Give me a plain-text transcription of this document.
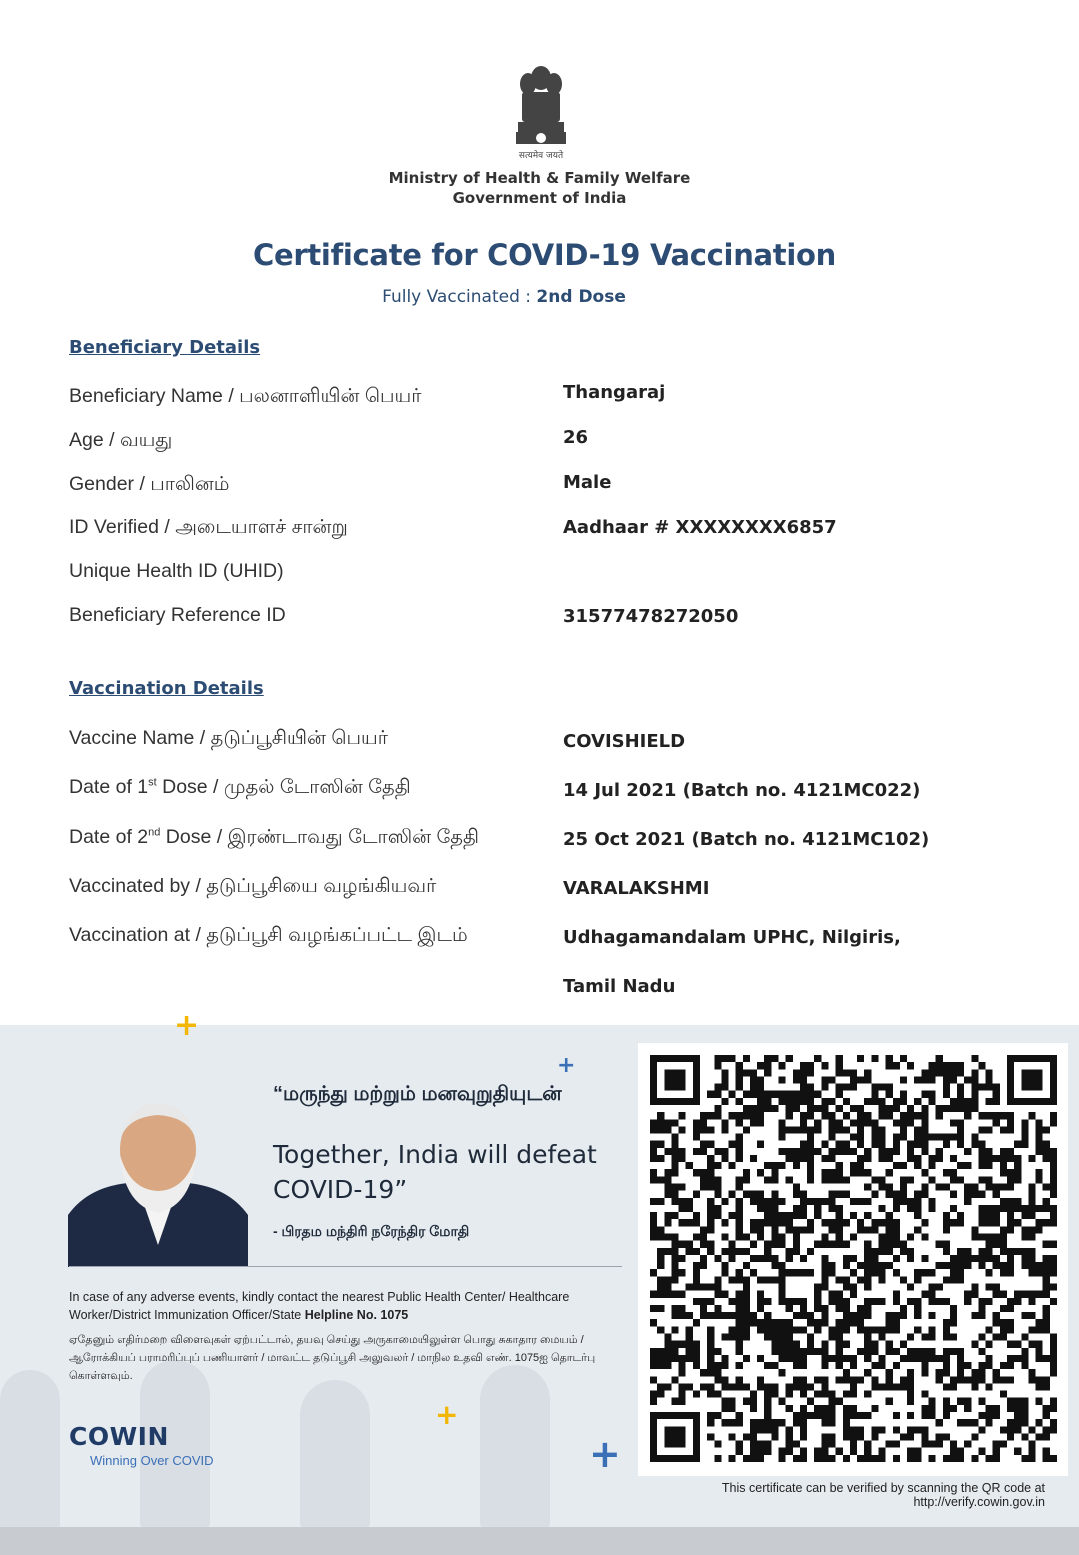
सत्यमेव जयते
Ministry of Health & Family Welfare
Government of India
Certificate for COVID-19 Vaccination
Fully Vaccinated : 2nd Dose
Beneficiary Details
Beneficiary Name / பலனாளியின் பெயர்	Thangaraj
Age / வயது	26
Gender / பாலினம்	Male
ID Verified / அடையாளச் சான்று	Aadhaar # XXXXXXXX6857
Unique Health ID (UHID)
Beneficiary Reference ID	31577478272050
Vaccination Details
Vaccine Name / தடுப்பூசியின் பெயர்	COVISHIELD
Date of 1st Dose / முதல் டோஸின் தேதி	14 Jul 2021 (Batch no. 4121MC022)
Date of 2nd Dose / இரண்டாவது டோஸின் தேதி	25 Oct 2021 (Batch no. 4121MC102)
Vaccinated by / தடுப்பூசியை வழங்கியவர்	VARALAKSHMI
Vaccination at / தடுப்பூசி வழங்கப்பட்ட இடம்	Udhagamandalam UPHC, Nilgiris,
Tamil Nadu
+
+
+
+
“மருந்து மற்றும் மனவுறுதியுடன்
Together, India will defeat COVID-19”
- பிரதம மந்திரி நரேந்திர மோதி
In case of any adverse events, kindly contact the nearest Public Health Center/ Healthcare Worker/District Immunization Officer/State Helpline No. 1075
ஏதேனும் எதிர்மறை விளைவுகள் ஏற்பட்டால், தயவு செய்து அருகாமையிலுள்ள பொது சுகாதார மையம் / ஆரோக்கியப் பராமரிப்புப் பணியாளர் / மாவட்ட தடுப்பூசி அலுவலர் / மாநில உதவி எண். 1075ஐ தொடர்பு கொள்ளவும்.
COWIN
Winning Over COVID
This certificate can be verified by scanning the QR code at
http://verify.cowin.gov.in
